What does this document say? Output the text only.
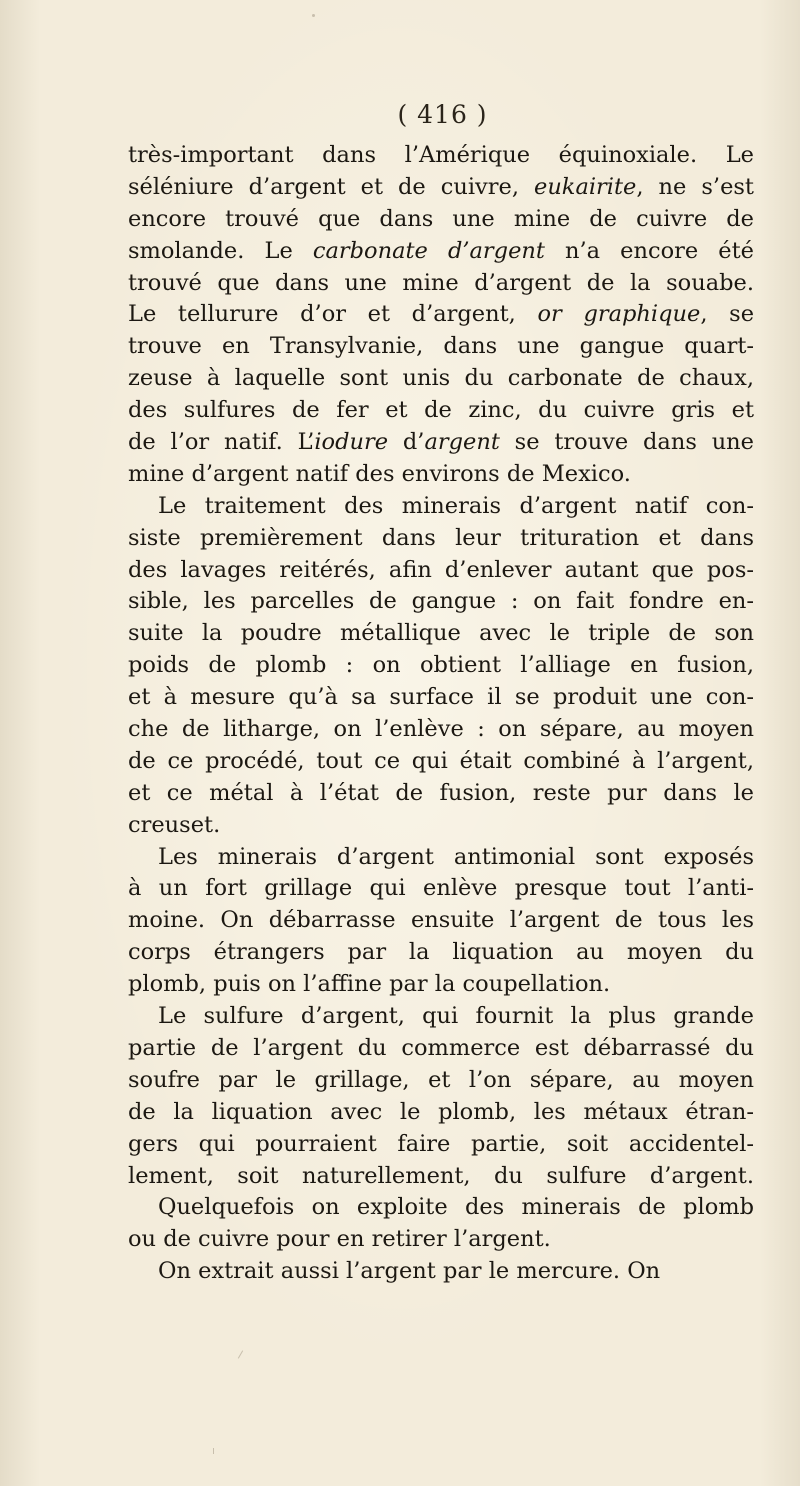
( 416 )
très-important dans l’Amérique équinoxiale. Le
séléniure d’argent et de cuivre, eukairite, ne s’est
encore trouvé que dans une mine de cuivre de
smolande. Le carbonate d’argent n’a encore été
trouvé que dans une mine d’argent de la souabe.
Le tellurure d’or et d’argent, or graphique, se
trouve en Transylvanie, dans une gangue quart-
zeuse à laquelle sont unis du carbonate de chaux,
des sulfures de fer et de zinc, du cuivre gris et
de l’or natif. L’iodure d’argent se trouve dans une
mine d’argent natif des environs de Mexico.
Le traitement des minerais d’argent natif con-
siste premièrement dans leur trituration et dans
des lavages reitérés, afin d’enlever autant que pos-
sible, les parcelles de gangue : on fait fondre en-
suite la poudre métallique avec le triple de son
poids de plomb : on obtient l’alliage en fusion,
et à mesure qu’à sa surface il se produit une con-
che de litharge, on l’enlève : on sépare, au moyen
de ce procédé, tout ce qui était combiné à l’argent,
et ce métal à l’état de fusion, reste pur dans le
creuset.
Les minerais d’argent antimonial sont exposés
à un fort grillage qui enlève presque tout l’anti-
moine. On débarrasse ensuite l’argent de tous les
corps étrangers par la liquation au moyen du
plomb, puis on l’affine par la coupellation.
Le sulfure d’argent, qui fournit la plus grande
partie de l’argent du commerce est débarrassé du
soufre par le grillage, et l’on sépare, au moyen
de la liquation avec le plomb, les métaux étran-
gers qui pourraient faire partie, soit accidentel-
lement, soit naturellement, du sulfure d’argent.
Quelquefois on exploite des minerais de plomb
ou de cuivre pour en retirer l’argent.
On extrait aussi l’argent par le mercure. On
